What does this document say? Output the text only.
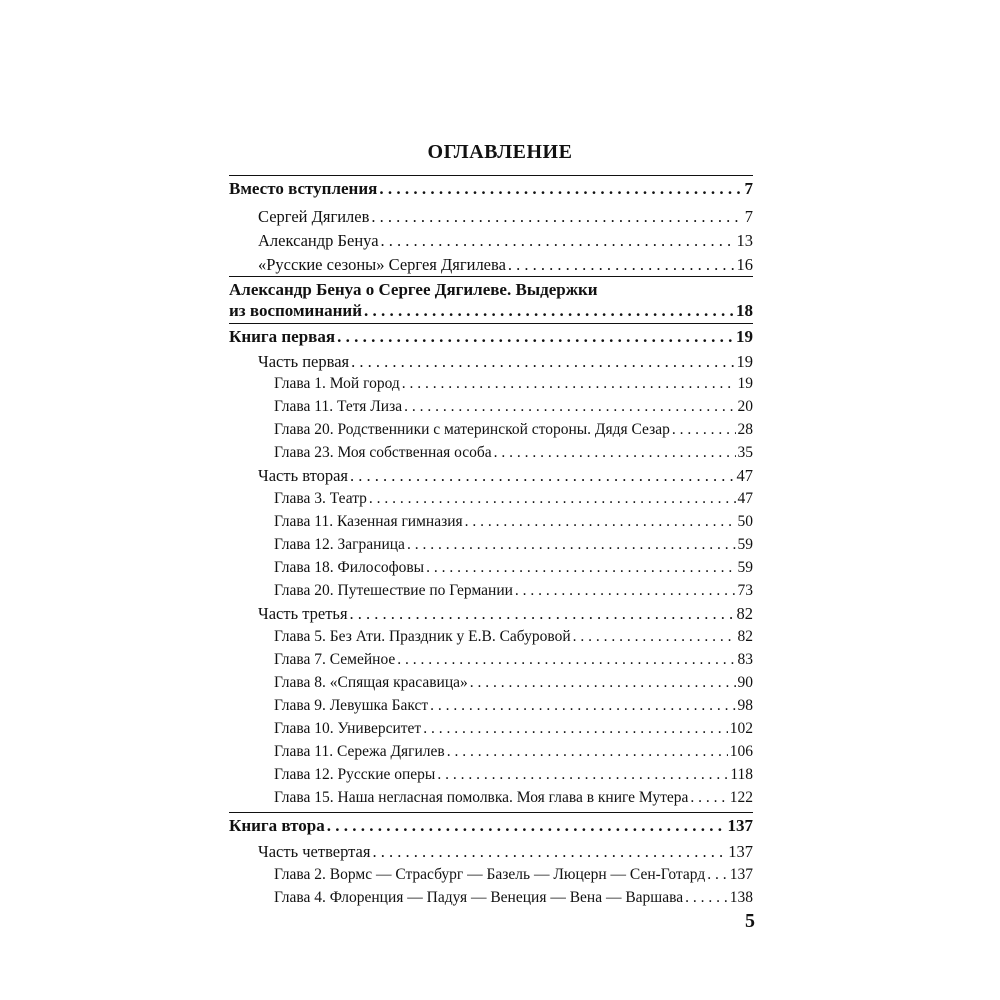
ОГЛАВЛЕНИЕ
Вместо вступления . . .	7
Сергей Дягилев . . .	7
Александр Бенуа . . .	13
«Русские сезоны» Сергея Дягилева . . .	16
Александр Бенуа о Сергее Дягилеве. Выдержки
из воспоминаний . . .	18
Книга первая . . .	19
Часть первая . . .	19
Глава 1. Мой город . . .	19
Глава 11. Тетя Лиза . . .	20
Глава 20. Родственники с материнской стороны. Дядя Сезар . . .	28
Глава 23. Моя собственная особа . . .	35
Часть вторая . . .	47
Глава 3. Театр . . .	47
Глава 11. Казенная гимназия . . .	50
Глава 12. Заграница . . .	59
Глава 18. Философовы . . .	59
Глава 20. Путешествие по Германии . . .	73
Часть третья . . .	82
Глава 5. Без Ати. Праздник у Е.В. Сабуровой . . .	82
Глава 7. Семейное . . .	83
Глава 8. «Спящая красавица» . . .	90
Глава 9. Левушка Бакст . . .	98
Глава 10. Университет . . .	102
Глава 11. Сережа Дягилев . . .	106
Глава 12. Русские оперы . . .	118
Глава 15. Наша негласная помолвка. Моя глава в книге Мутера . . .	122
Книга втора . . .	137
Часть четвертая . . .	137
Глава 2. Вормс — Страсбург — Базель — Люцерн — Сен-Готард . . . 137
Глава 4. Флоренция — Падуя — Венеция — Вена — Варшава . . .	138
5
